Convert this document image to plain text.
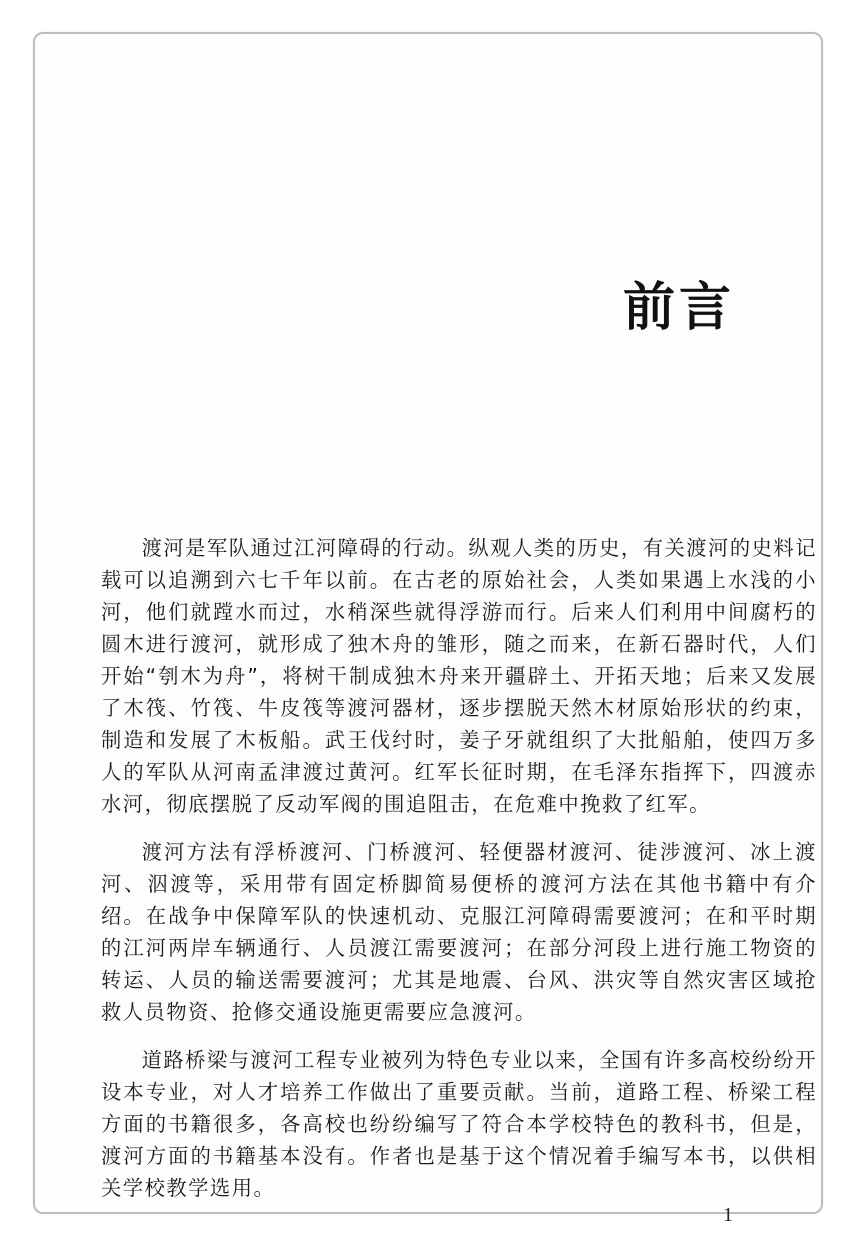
前言

渡河是军队通过江河障碍的行动。纵观人类的历史，有关渡河的史料记载可以追溯到六七千年以前。在古老的原始社会，人类如果遇上水浅的小河，他们就蹚水而过，水稍深些就得浮游而行。后来人们利用中间腐朽的圆木进行渡河，就形成了独木舟的雏形，随之而来，在新石器时代，人们开始“刳木为舟”，将树干制成独木舟来开疆辟土、开拓天地；后来又发展了木筏、竹筏、牛皮筏等渡河器材，逐步摆脱天然木材原始形状的约束，制造和发展了木板船。武王伐纣时，姜子牙就组织了大批船舶，使四万多人的军队从河南孟津渡过黄河。红军长征时期，在毛泽东指挥下，四渡赤水河，彻底摆脱了反动军阀的围追阻击，在危难中挽救了红军。

渡河方法有浮桥渡河、门桥渡河、轻便器材渡河、徒涉渡河、冰上渡河、泅渡等，采用带有固定桥脚简易便桥的渡河方法在其他书籍中有介绍。在战争中保障军队的快速机动、克服江河障碍需要渡河；在和平时期的江河两岸车辆通行、人员渡江需要渡河；在部分河段上进行施工物资的转运、人员的输送需要渡河；尤其是地震、台风、洪灾等自然灾害区域抢救人员物资、抢修交通设施更需要应急渡河。

道路桥梁与渡河工程专业被列为特色专业以来，全国有许多高校纷纷开设本专业，对人才培养工作做出了重要贡献。当前，道路工程、桥梁工程方面的书籍很多，各高校也纷纷编写了符合本学校特色的教科书，但是，渡河方面的书籍基本没有。作者也是基于这个情况着手编写本书，以供相关学校教学选用。

1
